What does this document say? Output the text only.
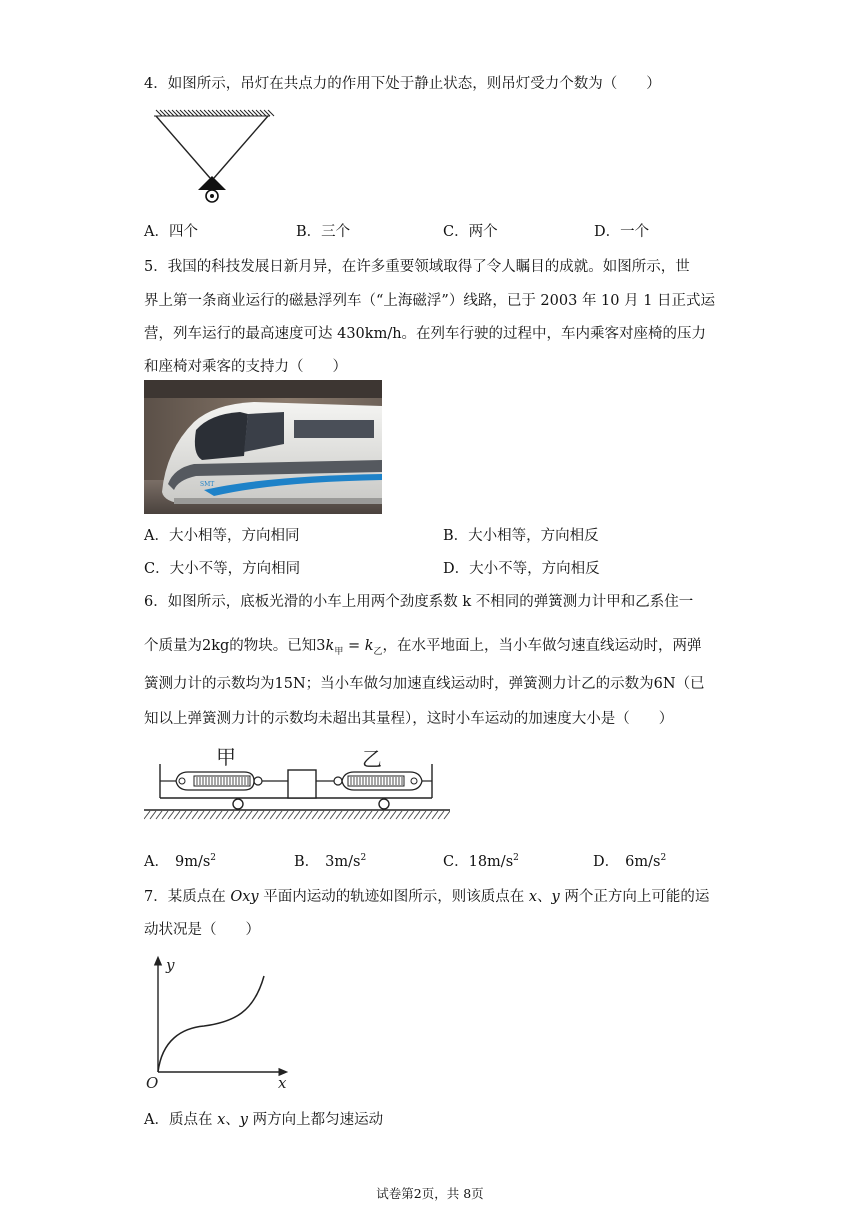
4．如图所示，吊灯在共点力的作用下处于静止状态，则吊灯受力个数为（　　）
A．四个	B．三个	C．两个	D．一个
5．我国的科技发展日新月异，在许多重要领域取得了令人瞩目的成就。如图所示，世
界上第一条商业运行的磁悬浮列车（“上海磁浮”）线路，已于 2003 年 10 月 1 日正式运
营，列车运行的最高速度可达 430km/h。在列车行驶的过程中，车内乘客对座椅的压力
和座椅对乘客的支持力（　　）
SMT
A．大小相等，方向相同	B．大小相等，方向相反
C．大小不等，方向相同	D．大小不等，方向相反
6．如图所示，底板光滑的小车上用两个劲度系数 k 不相同的弹簧测力计甲和乙系住一
个质量为2kg的物块。已知$3k_甲 = k_乙$，在水平地面上，当小车做匀速直线运动时，两弹
簧测力计的示数均为15N；当小车做匀加速直线运动时，弹簧测力计乙的示数为6N（已
知以上弹簧测力计的示数均未超出其量程），这时小车运动的加速度大小是（　　）
甲	乙
A． $9m/s^2$	B． $3m/s^2$	C．$18m/s^2$	D． $6m/s^2$
7．某质点在 Oxy 平面内运动的轨迹如图所示，则该质点在 x、y 两个正方向上可能的运
动状况是（　　）
y
x
O
A．质点在 x、y 两方向上都匀速运动
试卷第2页，共 8页
